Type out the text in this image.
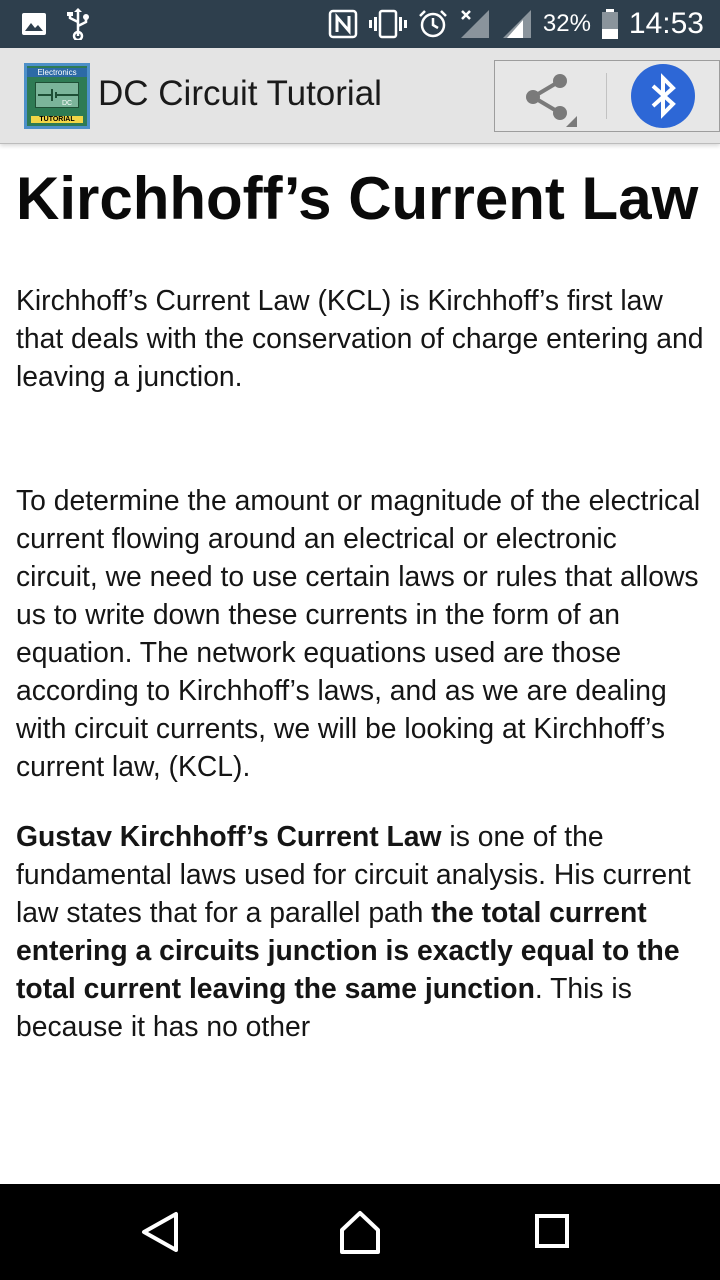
32% 14:53
Electronics
DC
TUTORIAL
DC Circuit Tutorial
Kirchhoff’s Current Law

Kirchhoff’s Current Law (KCL) is Kirchhoff’s first law that deals with the conservation of charge entering and leaving a junction.

To determine the amount or magnitude of the electrical current flowing around an electrical or electronic circuit, we need to use certain laws or rules that allows us to write down these currents in the form of an equation. The network equations used are those according to Kirchhoff’s laws, and as we are dealing with circuit currents, we will be looking at Kirchhoff’s current law, (KCL).

Gustav Kirchhoff’s Current Law is one of the fundamental laws used for circuit analysis. His current law states that for a parallel path the total current entering a circuits junction is exactly equal to the total current leaving the same junction. This is because it has no other
